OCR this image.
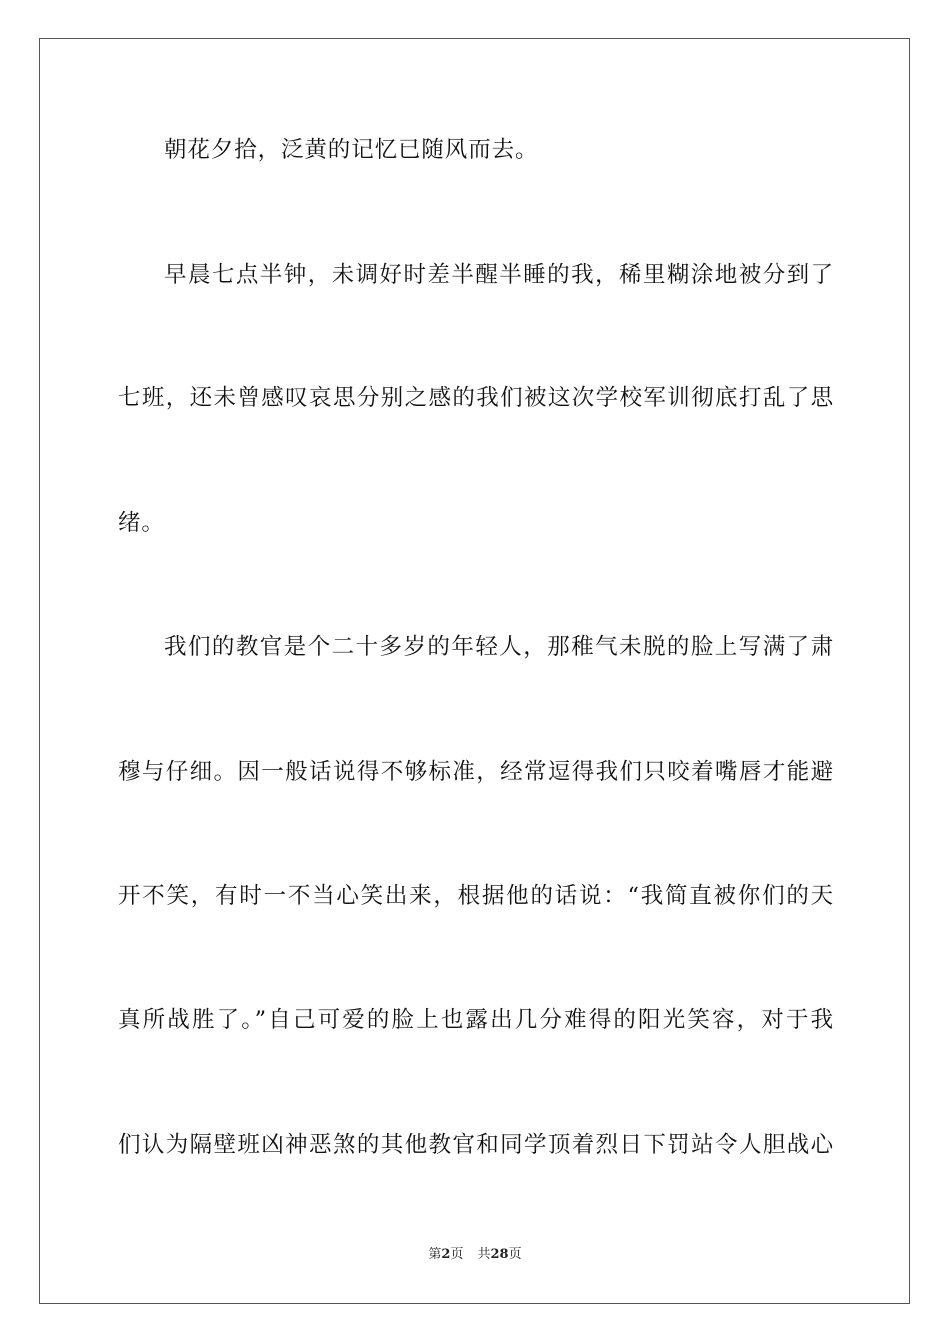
朝花夕拾，泛黄的记忆已随风而去。
早晨七点半钟，未调好时差半醒半睡的我，稀里糊涂地被分到了
七班，还未曾感叹哀思分别之感的我们被这次学校军训彻底打乱了思
绪。
我们的教官是个二十多岁的年轻人，那稚气未脱的脸上写满了肃
穆与仔细。因一般话说得不够标准，经常逗得我们只咬着嘴唇才能避
开不笑，有时一不当心笑出来，根据他的话说：“我简直被你们的天
真所战胜了。”自己可爱的脸上也露出几分难得的阳光笑容，对于我
们认为隔壁班凶神恶煞的其他教官和同学顶着烈日下罚站令人胆战心
第2页 共28页
